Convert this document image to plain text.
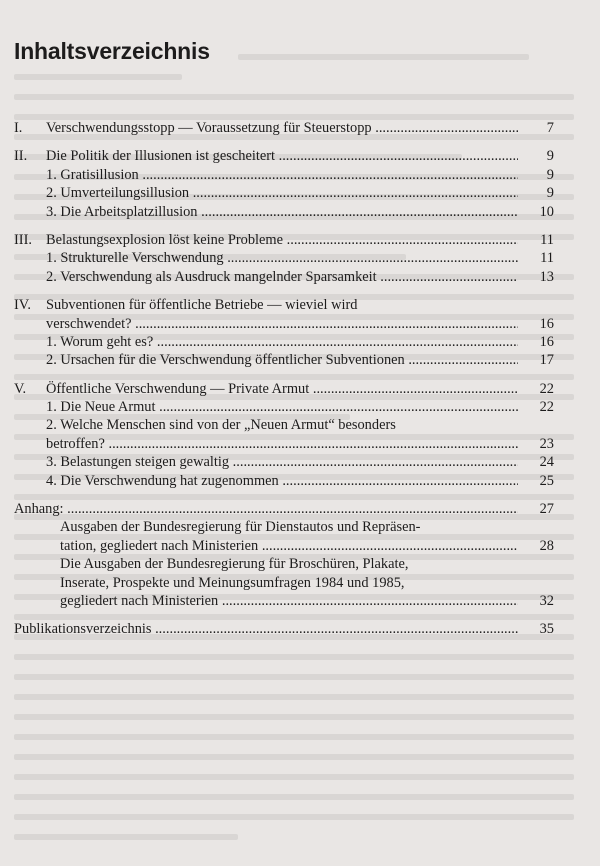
Inhaltsverzeichnis
I. Verschwendungsstopp — Voraussetzung für Steuerstopp .....	7
II. Die Politik der Illusionen ist gescheitert .....	9
1. Gratisillusion .....	9
2. Umverteilungsillusion .....	9
3. Die Arbeitsplatzillusion .....	10
III. Belastungsexplosion löst keine Probleme .....	11
1. Strukturelle Verschwendung .....	11
2. Verschwendung als Ausdruck mangelnder Sparsamkeit .....	13
IV. Subventionen für öffentliche Betriebe — wieviel wird
verschwendet? .....	16
1. Worum geht es? .....	16
2. Ursachen für die Verschwendung öffentlicher Subventionen .....	17
V. Öffentliche Verschwendung — Private Armut .....	22
1. Die Neue Armut .....	22
2. Welche Menschen sind von der „Neuen Armut“ besonders
betroffen? .....	23
3. Belastungen steigen gewaltig .....	24
4. Die Verschwendung hat zugenommen .....	25
Anhang: .....	27
Ausgaben der Bundesregierung für Dienstautos und Repräsen-
tation, gegliedert nach Ministerien .....	28
Die Ausgaben der Bundesregierung für Broschüren, Plakate,
Inserate, Prospekte und Meinungsumfragen 1984 und 1985,
gegliedert nach Ministerien .....	32
Publikationsverzeichnis .....	35
